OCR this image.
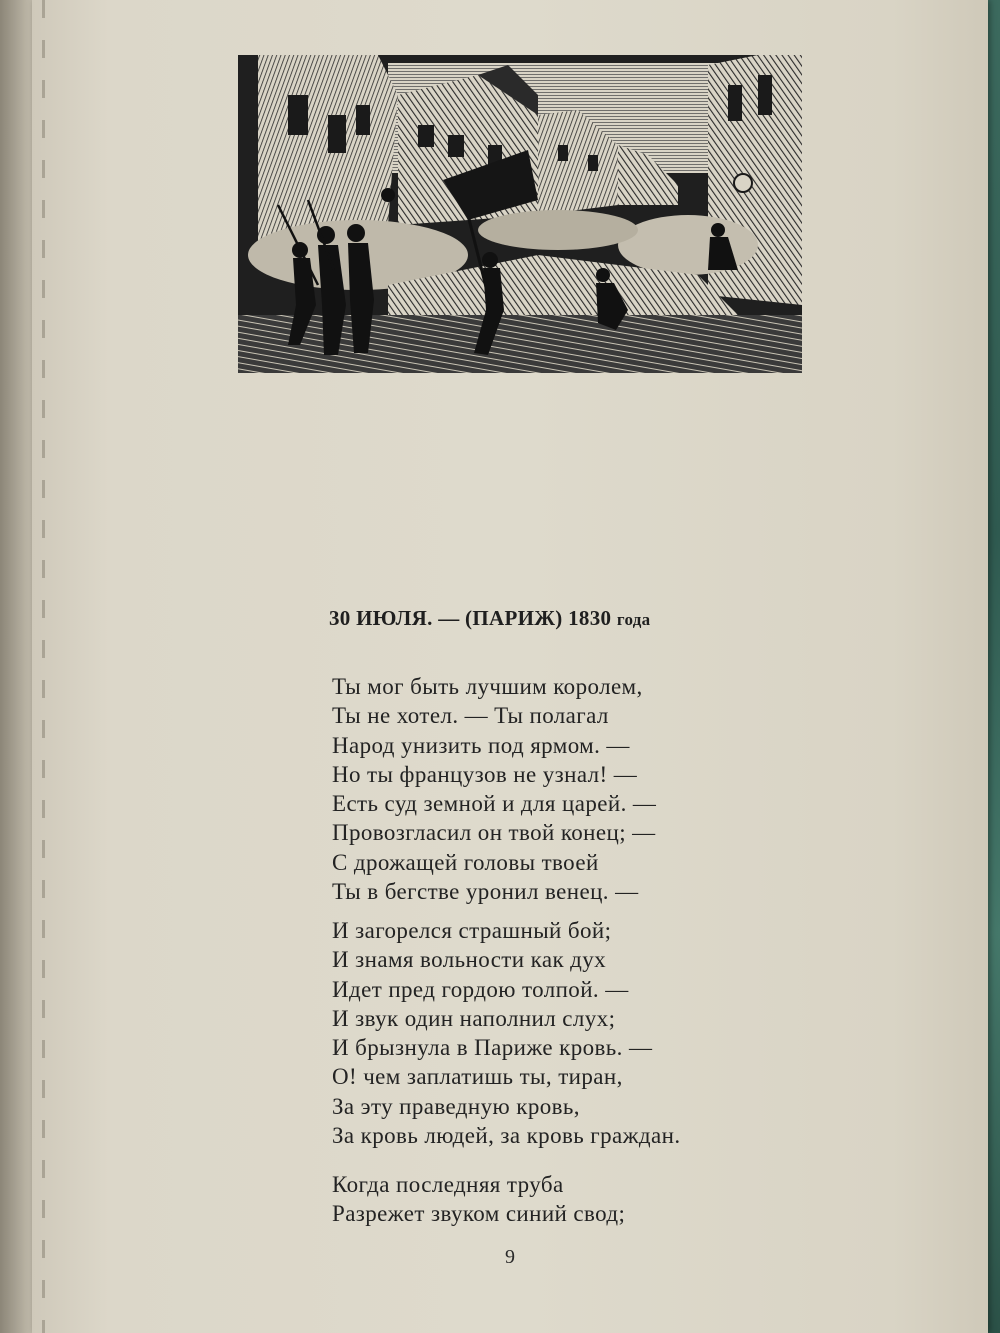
30 ИЮЛЯ. — (ПАРИЖ) 1830 года
Ты мог быть лучшим королем,
Ты не хотел. — Ты полагал
Народ унизить под ярмом. —
Но ты французов не узнал! —
Есть суд земной и для царей. —
Провозгласил он твой конец; —
С дрожащей головы твоей
Ты в бегстве уронил венец. —
И загорелся страшный бой;
И знамя вольности как дух
Идет пред гордою толпой. —
И звук один наполнил слух;
И брызнула в Париже кровь. —
О! чем заплатишь ты, тиран,
За эту праведную кровь,
За кровь людей, за кровь граждан.
Когда последняя труба
Разрежет звуком синий свод;
9
